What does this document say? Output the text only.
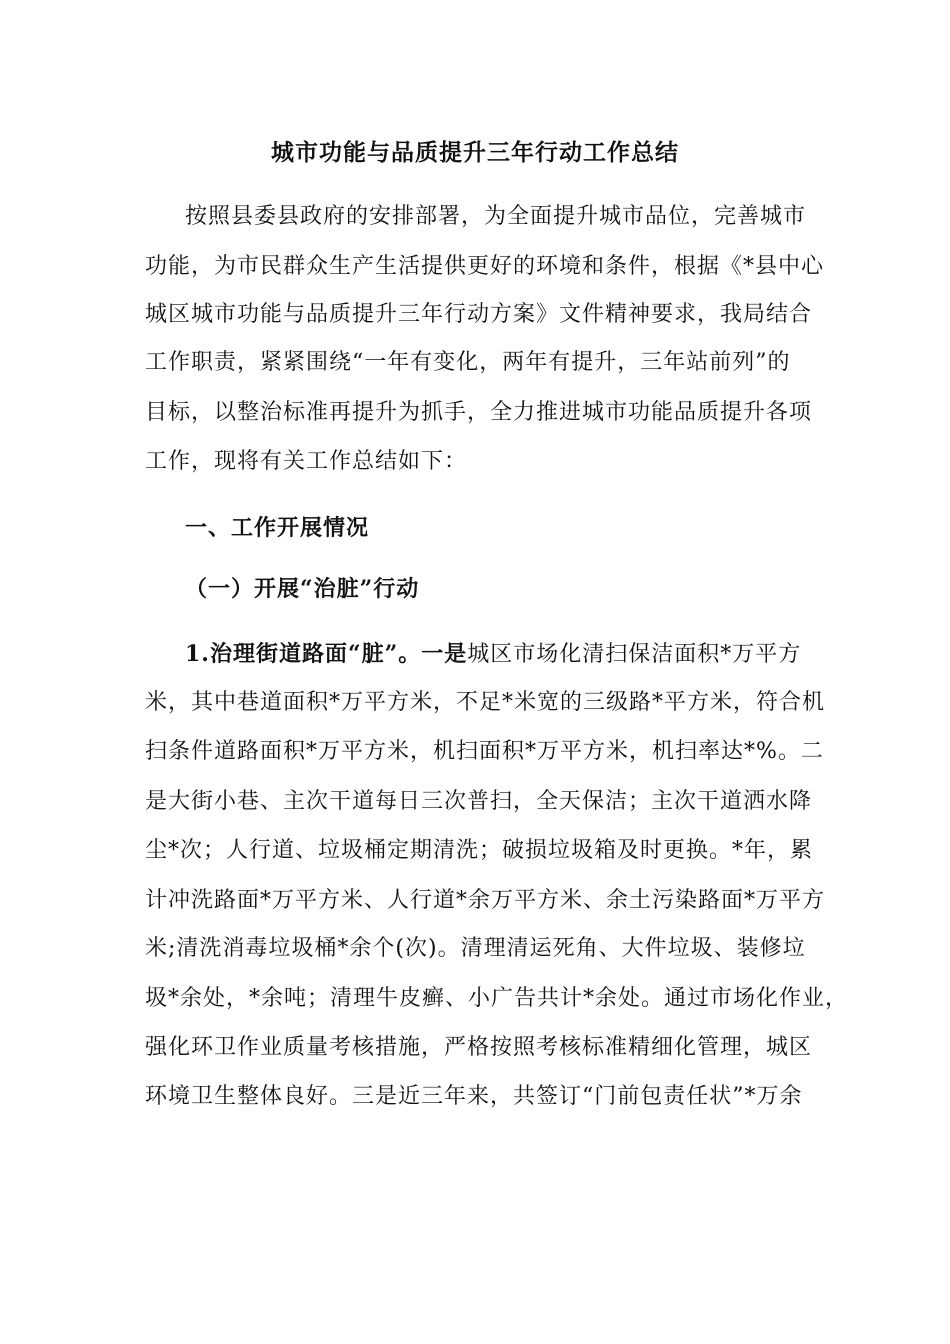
城市功能与品质提升三年行动工作总结
按照县委县政府的安排部署，为全面提升城市品位，完善城市
功能，为市民群众生产生活提供更好的环境和条件，根据《*县中心
城区城市功能与品质提升三年行动方案》文件精神要求，我局结合
工作职责，紧紧围绕“一年有变化，两年有提升，三年站前列”的
目标，以整治标准再提升为抓手，全力推进城市功能品质提升各项
工作，现将有关工作总结如下：
一、工作开展情况
（一）开展“治脏”行动
1.治理街道路面“脏”。一是城区市场化清扫保洁面积*万平方
米，其中巷道面积*万平方米，不足*米宽的三级路*平方米，符合机
扫条件道路面积*万平方米，机扫面积*万平方米，机扫率达*%。二
是大街小巷、主次干道每日三次普扫，全天保洁；主次干道洒水降
尘*次；人行道、垃圾桶定期清洗；破损垃圾箱及时更换。*年，累
计冲洗路面*万平方米、人行道*余万平方米、余土污染路面*万平方
米;清洗消毒垃圾桶*余个(次)。清理清运死角、大件垃圾、装修垃
圾*余处，*余吨；清理牛皮癣、小广告共计*余处。通过市场化作业，
强化环卫作业质量考核措施，严格按照考核标准精细化管理，城区
环境卫生整体良好。三是近三年来，共签订“门前包责任状”*万余
